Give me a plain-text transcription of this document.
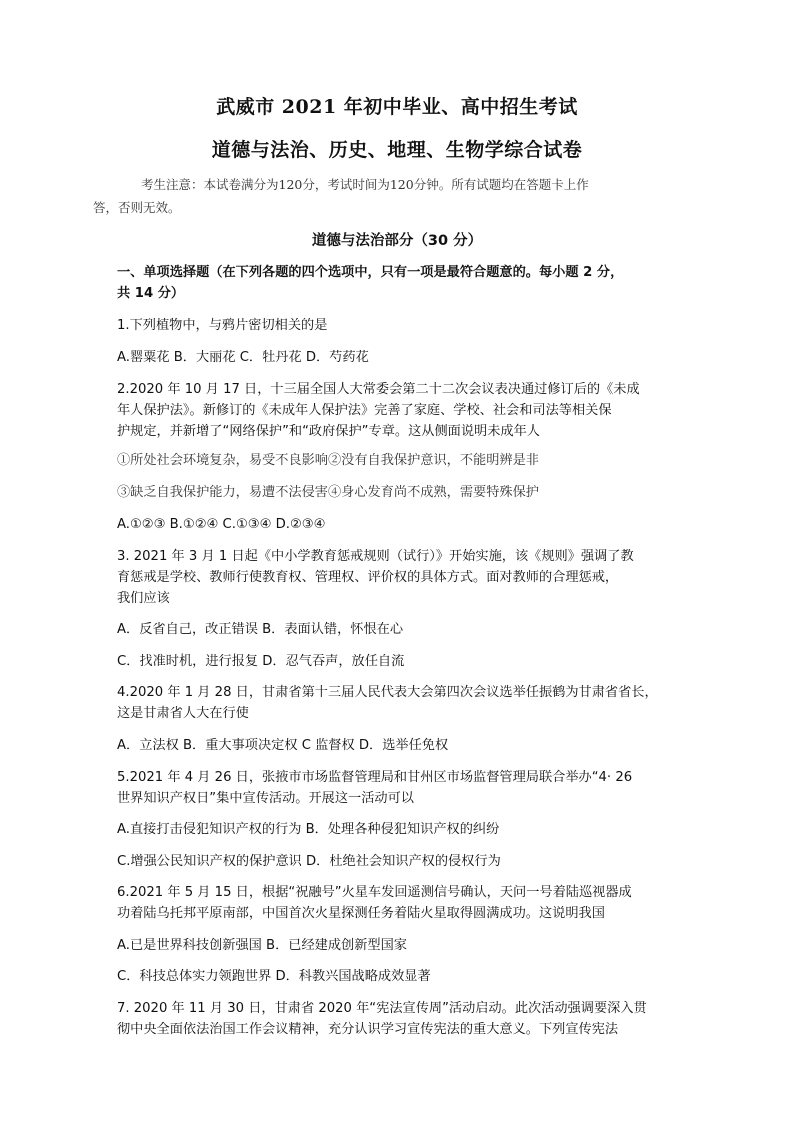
武威市 2021 年初中毕业、高中招生考试
道德与法治、历史、地理、生物学综合试卷
考生注意：本试卷满分为120分，考试时间为120分钟。所有试题均在答题卡上作
答，否则无效。
道德与法治部分（30 分）

一、单项选择题（在下列各题的四个选项中，只有一项是最符合题意的。每小题 2 分，

共 14 分）

1.下列植物中，与鸦片密切相关的是

A.罂粟花 B．大丽花 C．牡丹花 D．芍药花

2.2020 年 10 月 17 日，十三届全国人大常委会第二十二次会议表决通过修订后的《未成

年人保护法》。新修订的《未成年人保护法》完善了家庭、学校、社会和司法等相关保

护规定，并新增了“网络保护”和“政府保护”专章。这从侧面说明未成年人

①所处社会环境复杂，易受不良影响②没有自我保护意识，不能明辨是非

③缺乏自我保护能力，易遭不法侵害④身心发育尚不成熟，需要特殊保护

A.①②③ B.①②④ C.①③④ D.②③④

3. 2021 年 3 月 1 日起《中小学教育惩戒规则（试行）》开始实施，该《规则》强调了教

育惩戒是学校、教师行使教育权、管理权、评价权的具体方式。面对教师的合理惩戒，

我们应该

A．反省自己，改正错误 B．表面认错，怀恨在心

C．找准时机，进行报复 D．忍气吞声，放任自流

4.2020 年 1 月 28 日，甘肃省第十三届人民代表大会第四次会议选举任振鹤为甘肃省省长，

这是甘肃省人大在行使

A．立法权 B．重大事项决定权 C 监督权 D．选举任免权

5.2021 年 4 月 26 日，张掖市市场监督管理局和甘州区市场监督管理局联合举办“4· 26

世界知识产权日”集中宣传活动。开展这一活动可以

A.直接打击侵犯知识产权的行为 B．处理各种侵犯知识产权的纠纷

C.增强公民知识产权的保护意识 D．杜绝社会知识产权的侵权行为

6.2021 年 5 月 15 日，根据“祝融号”火星车发回遥测信号确认，天问一号着陆巡视器成

功着陆乌托邦平原南部，中国首次火星探测任务着陆火星取得圆满成功。这说明我国

A.已是世界科技创新强国 B．已经建成创新型国家

C．科技总体实力领跑世界 D．科教兴国战略成效显著

7. 2020 年 11 月 30 日，甘肃省 2020 年“宪法宣传周”活动启动。此次活动强调要深入贯

彻中央全面依法治国工作会议精神，充分认识学习宣传宪法的重大意义。下列宣传宪法
